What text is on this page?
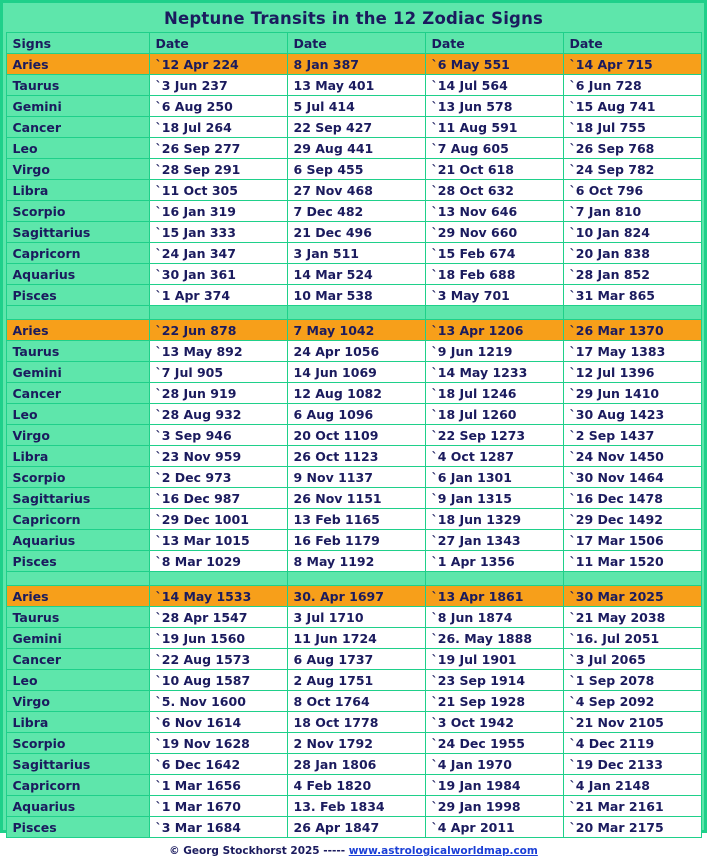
Neptune Transits in the 12 Zodiac Signs
Signs	Date	Date	Date	Date
Aries	`12 Apr 224	8 Jan 387	`6 May 551	`14 Apr 715
Taurus	`3 Jun 237	13 May 401	`14 Jul 564	`6 Jun 728
Gemini	`6 Aug 250	5 Jul 414	`13 Jun 578	`15 Aug 741
Cancer	`18 Jul 264	22 Sep 427	`11 Aug 591	`18 Jul 755
Leo	`26 Sep 277	29 Aug 441	`7 Aug 605	`26 Sep 768
Virgo	`28 Sep 291	6 Sep 455	`21 Oct 618	`24 Sep 782
Libra	`11 Oct 305	27 Nov 468	`28 Oct 632	`6 Oct 796
Scorpio	`16 Jan 319	7 Dec 482	`13 Nov 646	`7 Jan 810
Sagittarius	`15 Jan 333	21 Dec 496	`29 Nov 660	`10 Jan 824
Capricorn	`24 Jan 347	3 Jan 511	`15 Feb 674	`20 Jan 838
Aquarius	`30 Jan 361	14 Mar 524	`18 Feb 688	`28 Jan 852
Pisces	`1 Apr 374	10 Mar 538	`3 May 701	`31 Mar 865

Aries	`22 Jun 878	7 May 1042	`13 Apr 1206	`26 Mar 1370
Taurus	`13 May 892	24 Apr 1056	`9 Jun 1219	`17 May 1383
Gemini	`7 Jul 905	14 Jun 1069	`14 May 1233	`12 Jul 1396
Cancer	`28 Jun 919	12 Aug 1082	`18 Jul 1246	`29 Jun 1410
Leo	`28 Aug 932	6 Aug 1096	`18 Jul 1260	`30 Aug 1423
Virgo	`3 Sep 946	20 Oct 1109	`22 Sep 1273	`2 Sep 1437
Libra	`23 Nov 959	26 Oct 1123	`4 Oct 1287	`24 Nov 1450
Scorpio	`2 Dec 973	9 Nov 1137	`6 Jan 1301	`30 Nov 1464
Sagittarius	`16 Dec 987	26 Nov 1151	`9 Jan 1315	`16 Dec 1478
Capricorn	`29 Dec 1001	13 Feb 1165	`18 Jun 1329	`29 Dec 1492
Aquarius	`13 Mar 1015	16 Feb 1179	`27 Jan 1343	`17 Mar 1506
Pisces	`8 Mar 1029	8 May 1192	`1 Apr 1356	`11 Mar 1520

Aries	`14 May 1533	30. Apr 1697	`13 Apr 1861	`30 Mar 2025
Taurus	`28 Apr 1547	3 Jul 1710	`8 Jun 1874	`21 May 2038
Gemini	`19 Jun 1560	11 Jun 1724	`26. May 1888	`16. Jul 2051
Cancer	`22 Aug 1573	6 Aug 1737	`19 Jul 1901	`3 Jul 2065
Leo	`10 Aug 1587	2 Aug 1751	`23 Sep 1914	`1 Sep 2078
Virgo	`5. Nov 1600	8 Oct 1764	`21 Sep 1928	`4 Sep 2092
Libra	`6 Nov 1614	18 Oct 1778	`3 Oct 1942	`21 Nov 2105
Scorpio	`19 Nov 1628	2 Nov 1792	`24 Dec 1955	`4 Dec 2119
Sagittarius	`6 Dec 1642	28 Jan 1806	`4 Jan 1970	`19 Dec 2133
Capricorn	`1 Mar 1656	4 Feb 1820	`19 Jan 1984	`4 Jan 2148
Aquarius	`1 Mar 1670	13. Feb 1834	`29 Jan 1998	`21 Mar 2161
Pisces	`3 Mar 1684	26 Apr 1847	`4 Apr 2011	`20 Mar 2175
© Georg Stockhorst 2025 ----- www.astrologicalworldmap.com
